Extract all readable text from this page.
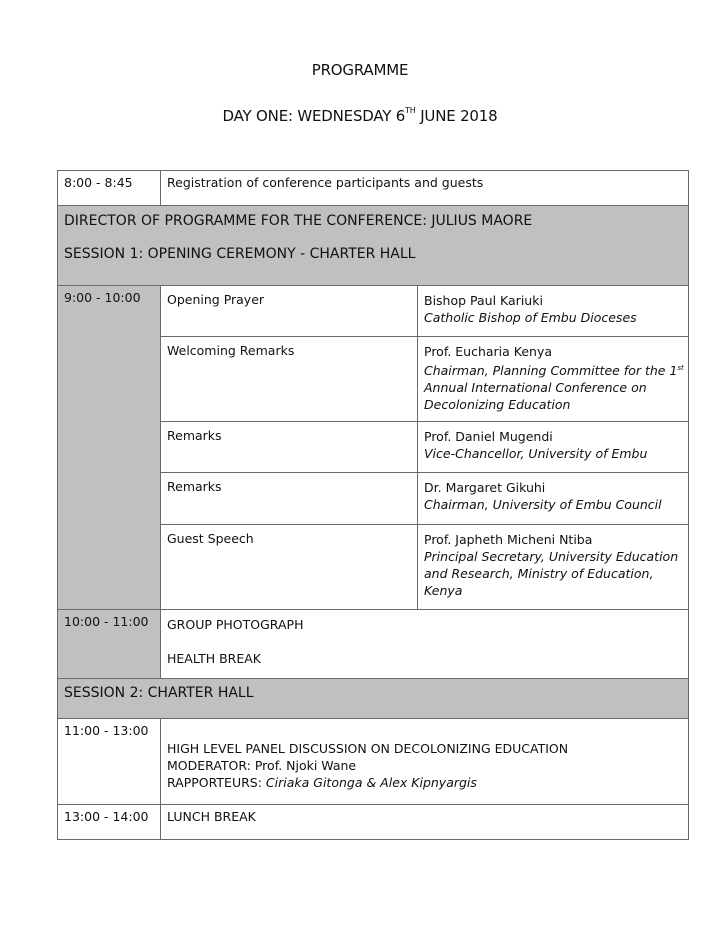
PROGRAMME
DAY ONE: WEDNESDAY 6TH JUNE 2018
8:00 - 8:45	Registration of conference participants and guests	

DIRECTOR OF PROGRAMME FOR THE CONFERENCE: JULIUS MAORE
SESSION 1: OPENING CEREMONY - CHARTER HALL		

9:00 - 10:00	Opening Prayer	Bishop Paul Kariuki
Catholic Bishop of Embu Dioceses

	Welcoming Remarks	Prof. Eucharia Kenya
Chairman, Planning Committee for the 1st Annual International Conference on Decolonizing Education

	Remarks	Prof. Daniel Mugendi
Vice-Chancellor, University of Embu

	Remarks	Dr. Margaret Gikuhi
Chairman, University of Embu Council

	Guest Speech	Prof. Japheth Micheni Ntiba
Principal Secretary, University Education and Research, Ministry of Education, Kenya

10:00 - 11:00	GROUP PHOTOGRAPH
HEALTH BREAK	

SESSION 2: CHARTER HALL		
11:00 - 13:00	HIGH LEVEL PANEL DISCUSSION ON DECOLONIZING EDUCATION
MODERATOR: Prof. Njoki Wane
RAPPORTEURS: Ciriaka Gitonga & Alex Kipnyargis	

13:00 - 14:00	LUNCH BREAK	
